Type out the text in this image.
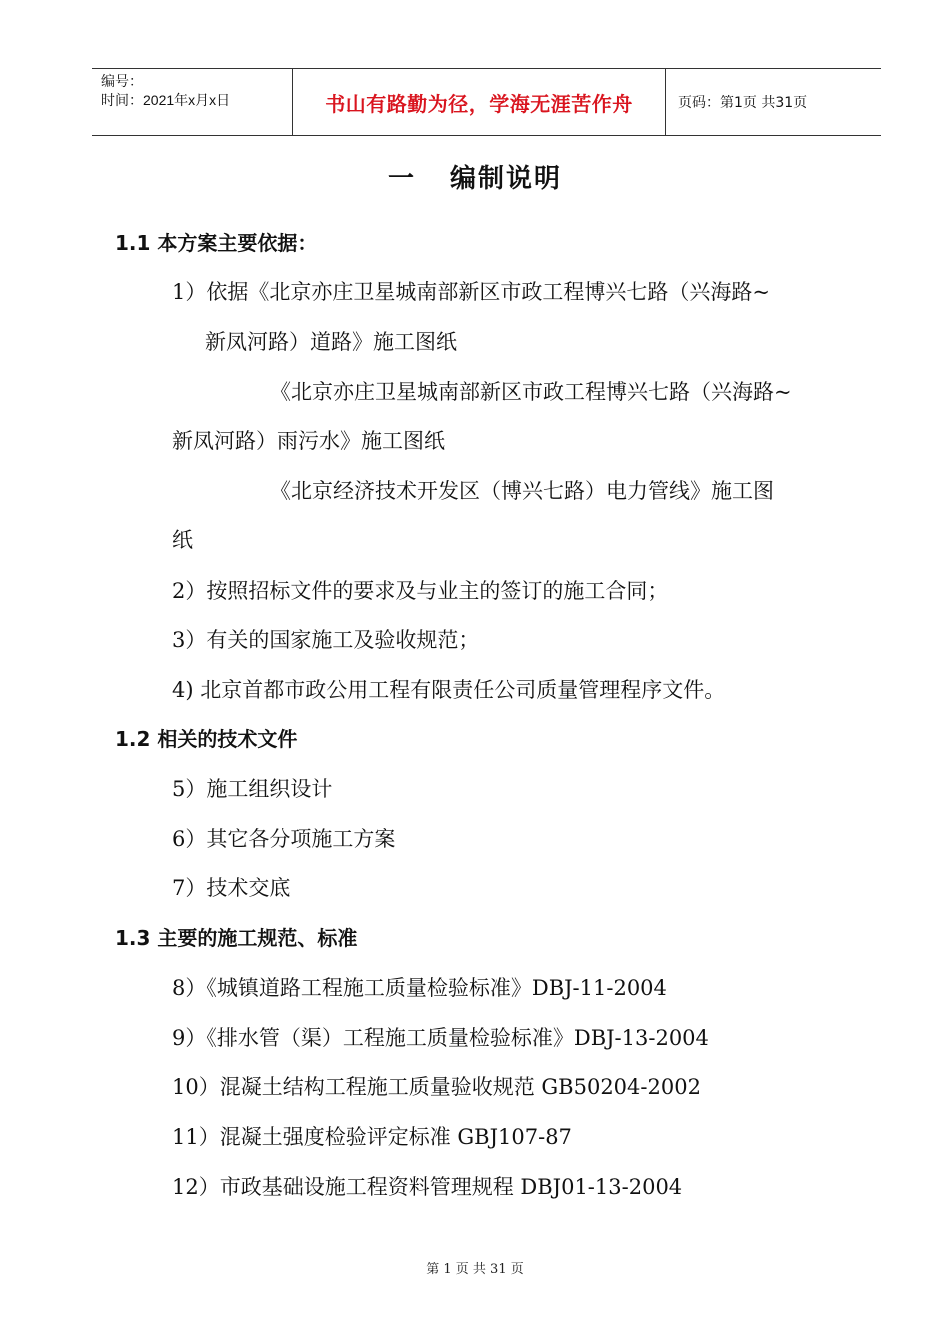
编号：
时间：2021年x月x日	书山有路勤为径，学海无涯苦作舟	页码：第1页 共31页
一 编制说明
1.1 本方案主要依据：
1）依据《北京亦庄卫星城南部新区市政工程博兴七路（兴海路~
新凤河路）道路》施工图纸
《北京亦庄卫星城南部新区市政工程博兴七路（兴海路~
新凤河路）雨污水》施工图纸
《北京经济技术开发区（博兴七路）电力管线》施工图
纸
2）按照招标文件的要求及与业主的签订的施工合同；
3）有关的国家施工及验收规范；
4) 北京首都市政公用工程有限责任公司质量管理程序文件。
1.2 相关的技术文件
5）施工组织设计
6）其它各分项施工方案
7）技术交底
1.3 主要的施工规范、标准
8）《城镇道路工程施工质量检验标准》DBJ-11-2004
9）《排水管（渠）工程施工质量检验标准》DBJ-13-2004
10）混凝土结构工程施工质量验收规范 GB50204-2002
11）混凝土强度检验评定标准 GBJ107-87
12）市政基础设施工程资料管理规程 DBJ01-13-2004
第 1 页 共 31 页
